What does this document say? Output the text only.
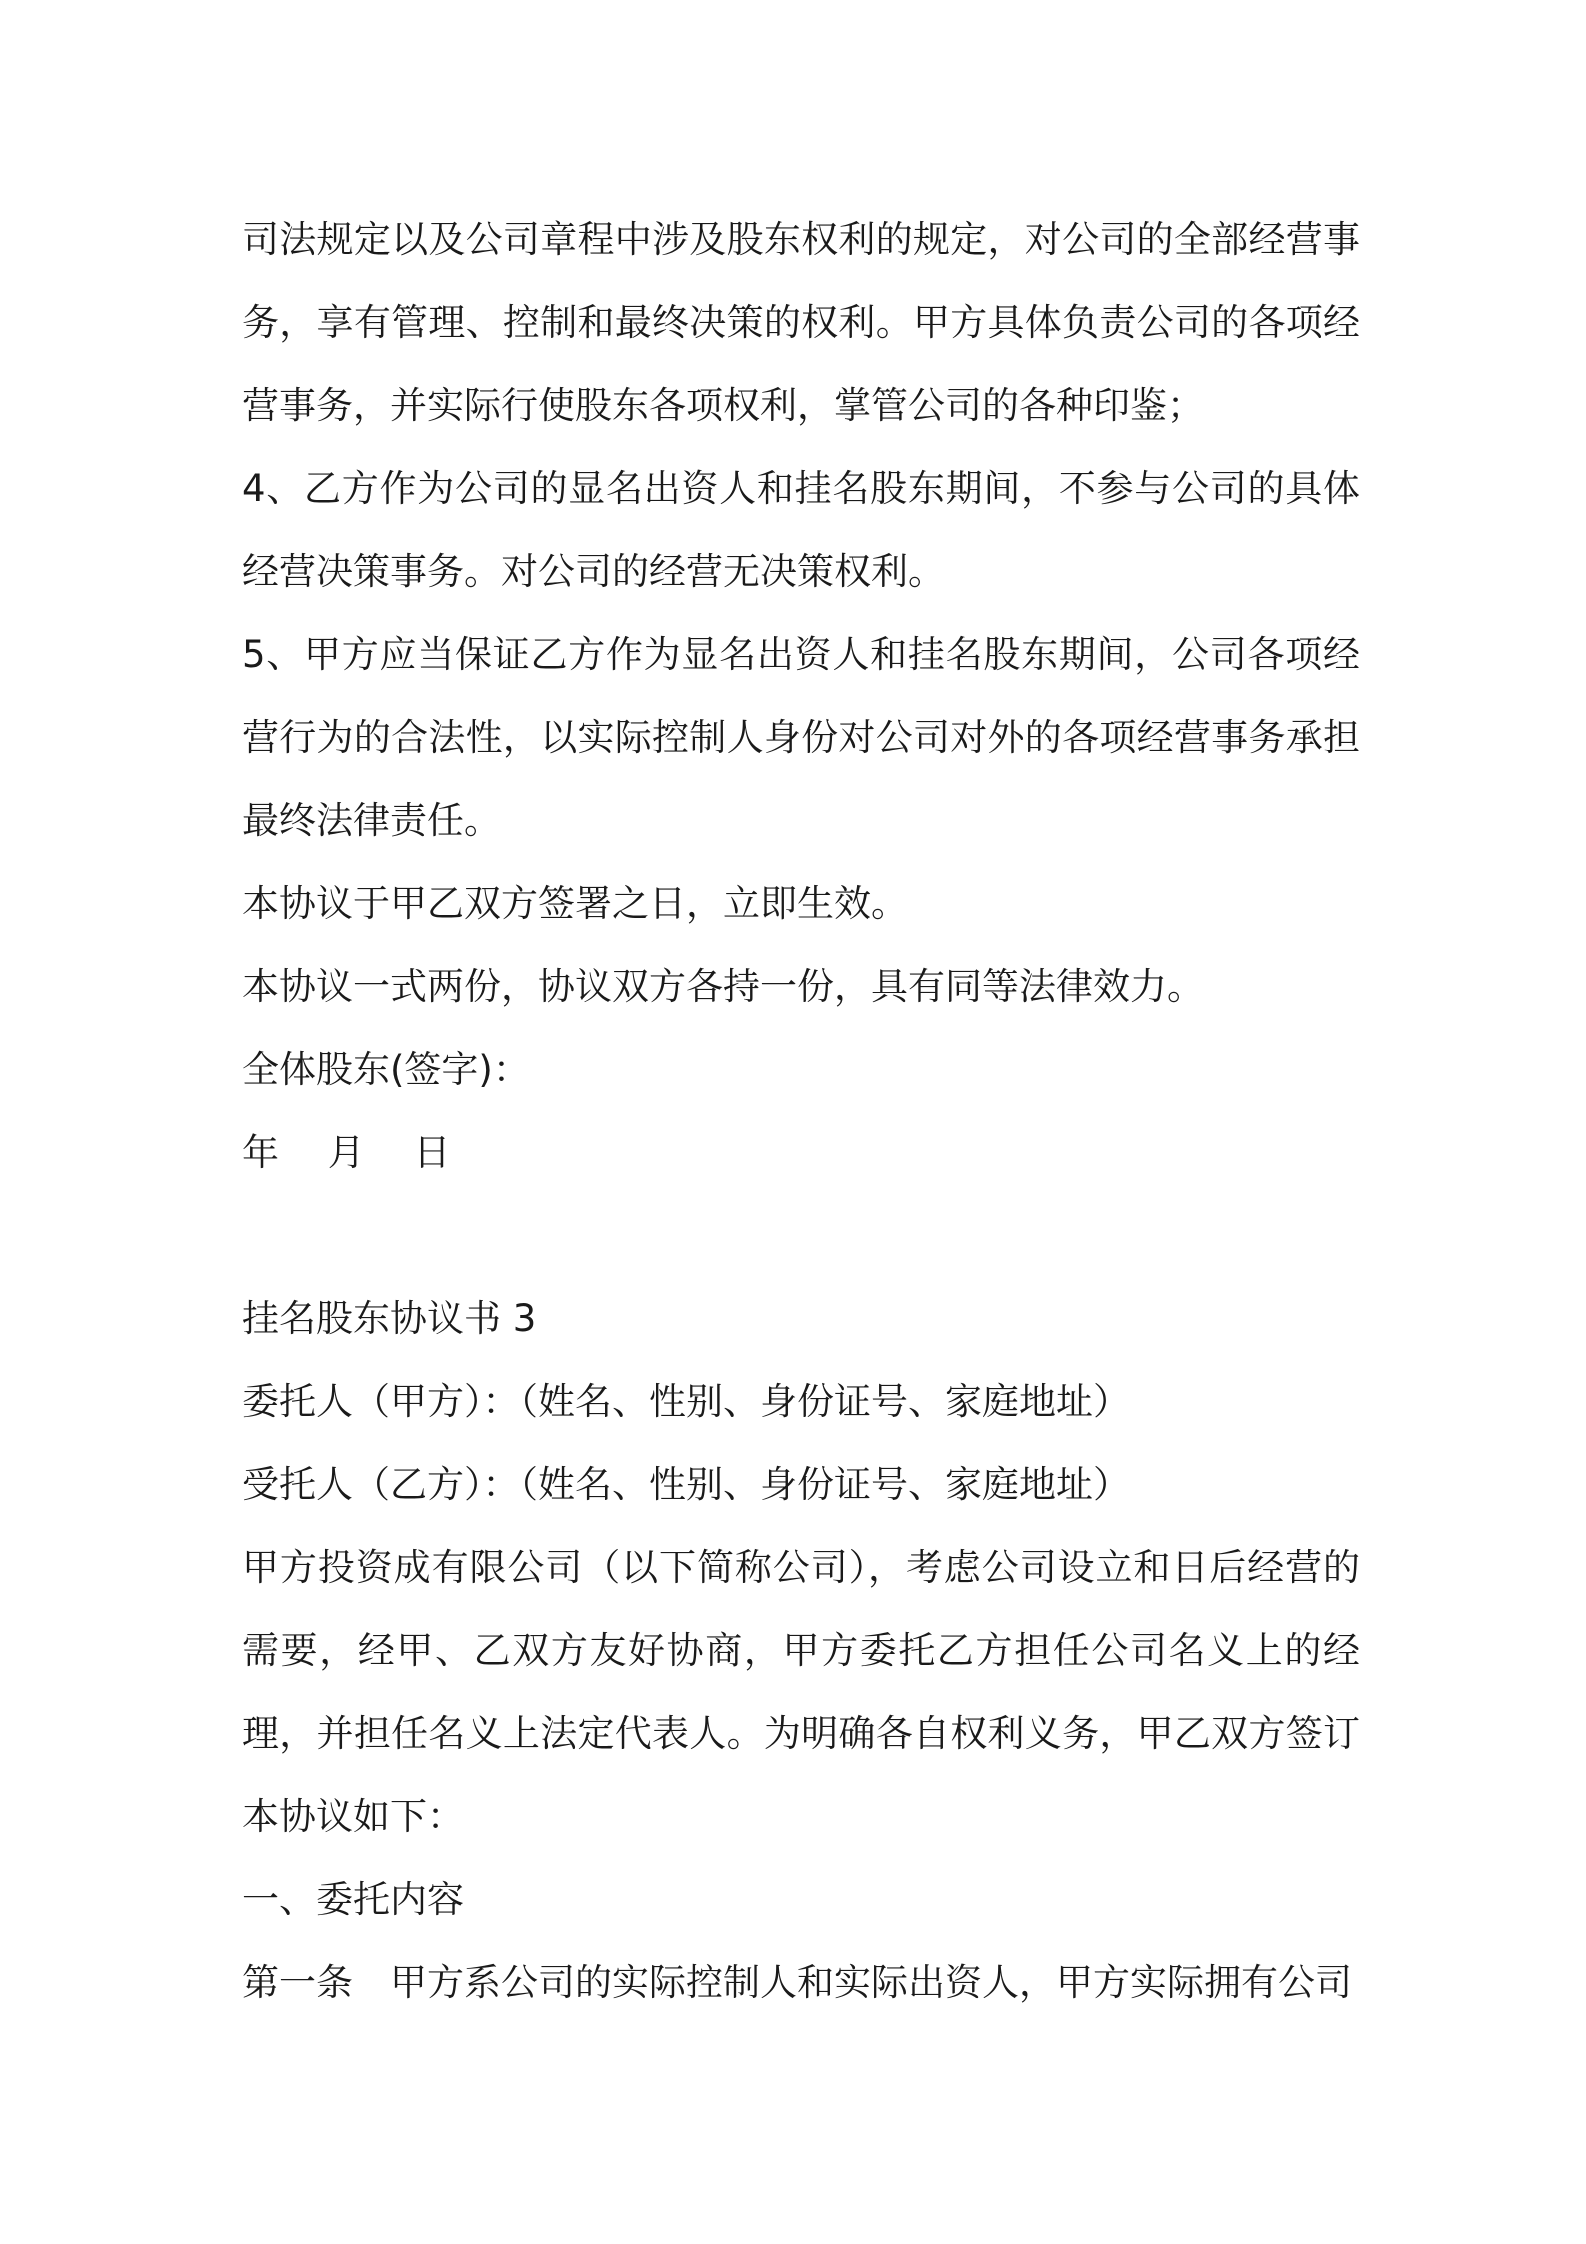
司法规定以及公司章程中涉及股东权利的规定，对公司的全部经营事务，享有管理、控制和最终决策的权利。甲方具体负责公司的各项经营事务，并实际行使股东各项权利，掌管公司的各种印鉴；

4、乙方作为公司的显名出资人和挂名股东期间，不参与公司的具体经营决策事务。对公司的经营无决策权利。

5、甲方应当保证乙方作为显名出资人和挂名股东期间，公司各项经营行为的合法性，以实际控制人身份对公司对外的各项经营事务承担最终法律责任。

本协议于甲乙双方签署之日，立即生效。

本协议一式两份，协议双方各持一份，具有同等法律效力。

全体股东(签字)：

年　 月　 日

挂名股东协议书 3

委托人（甲方）：（姓名、性别、身份证号、家庭地址）

受托人（乙方）：（姓名、性别、身份证号、家庭地址）

甲方投资成有限公司（以下简称公司），考虑公司设立和日后经营的需要，经甲、乙双方友好协商，甲方委托乙方担任公司名义上的经理，并担任名义上法定代表人。为明确各自权利义务，甲乙双方签订本协议如下：

一、委托内容

第一条　甲方系公司的实际控制人和实际出资人，甲方实际拥有公司
